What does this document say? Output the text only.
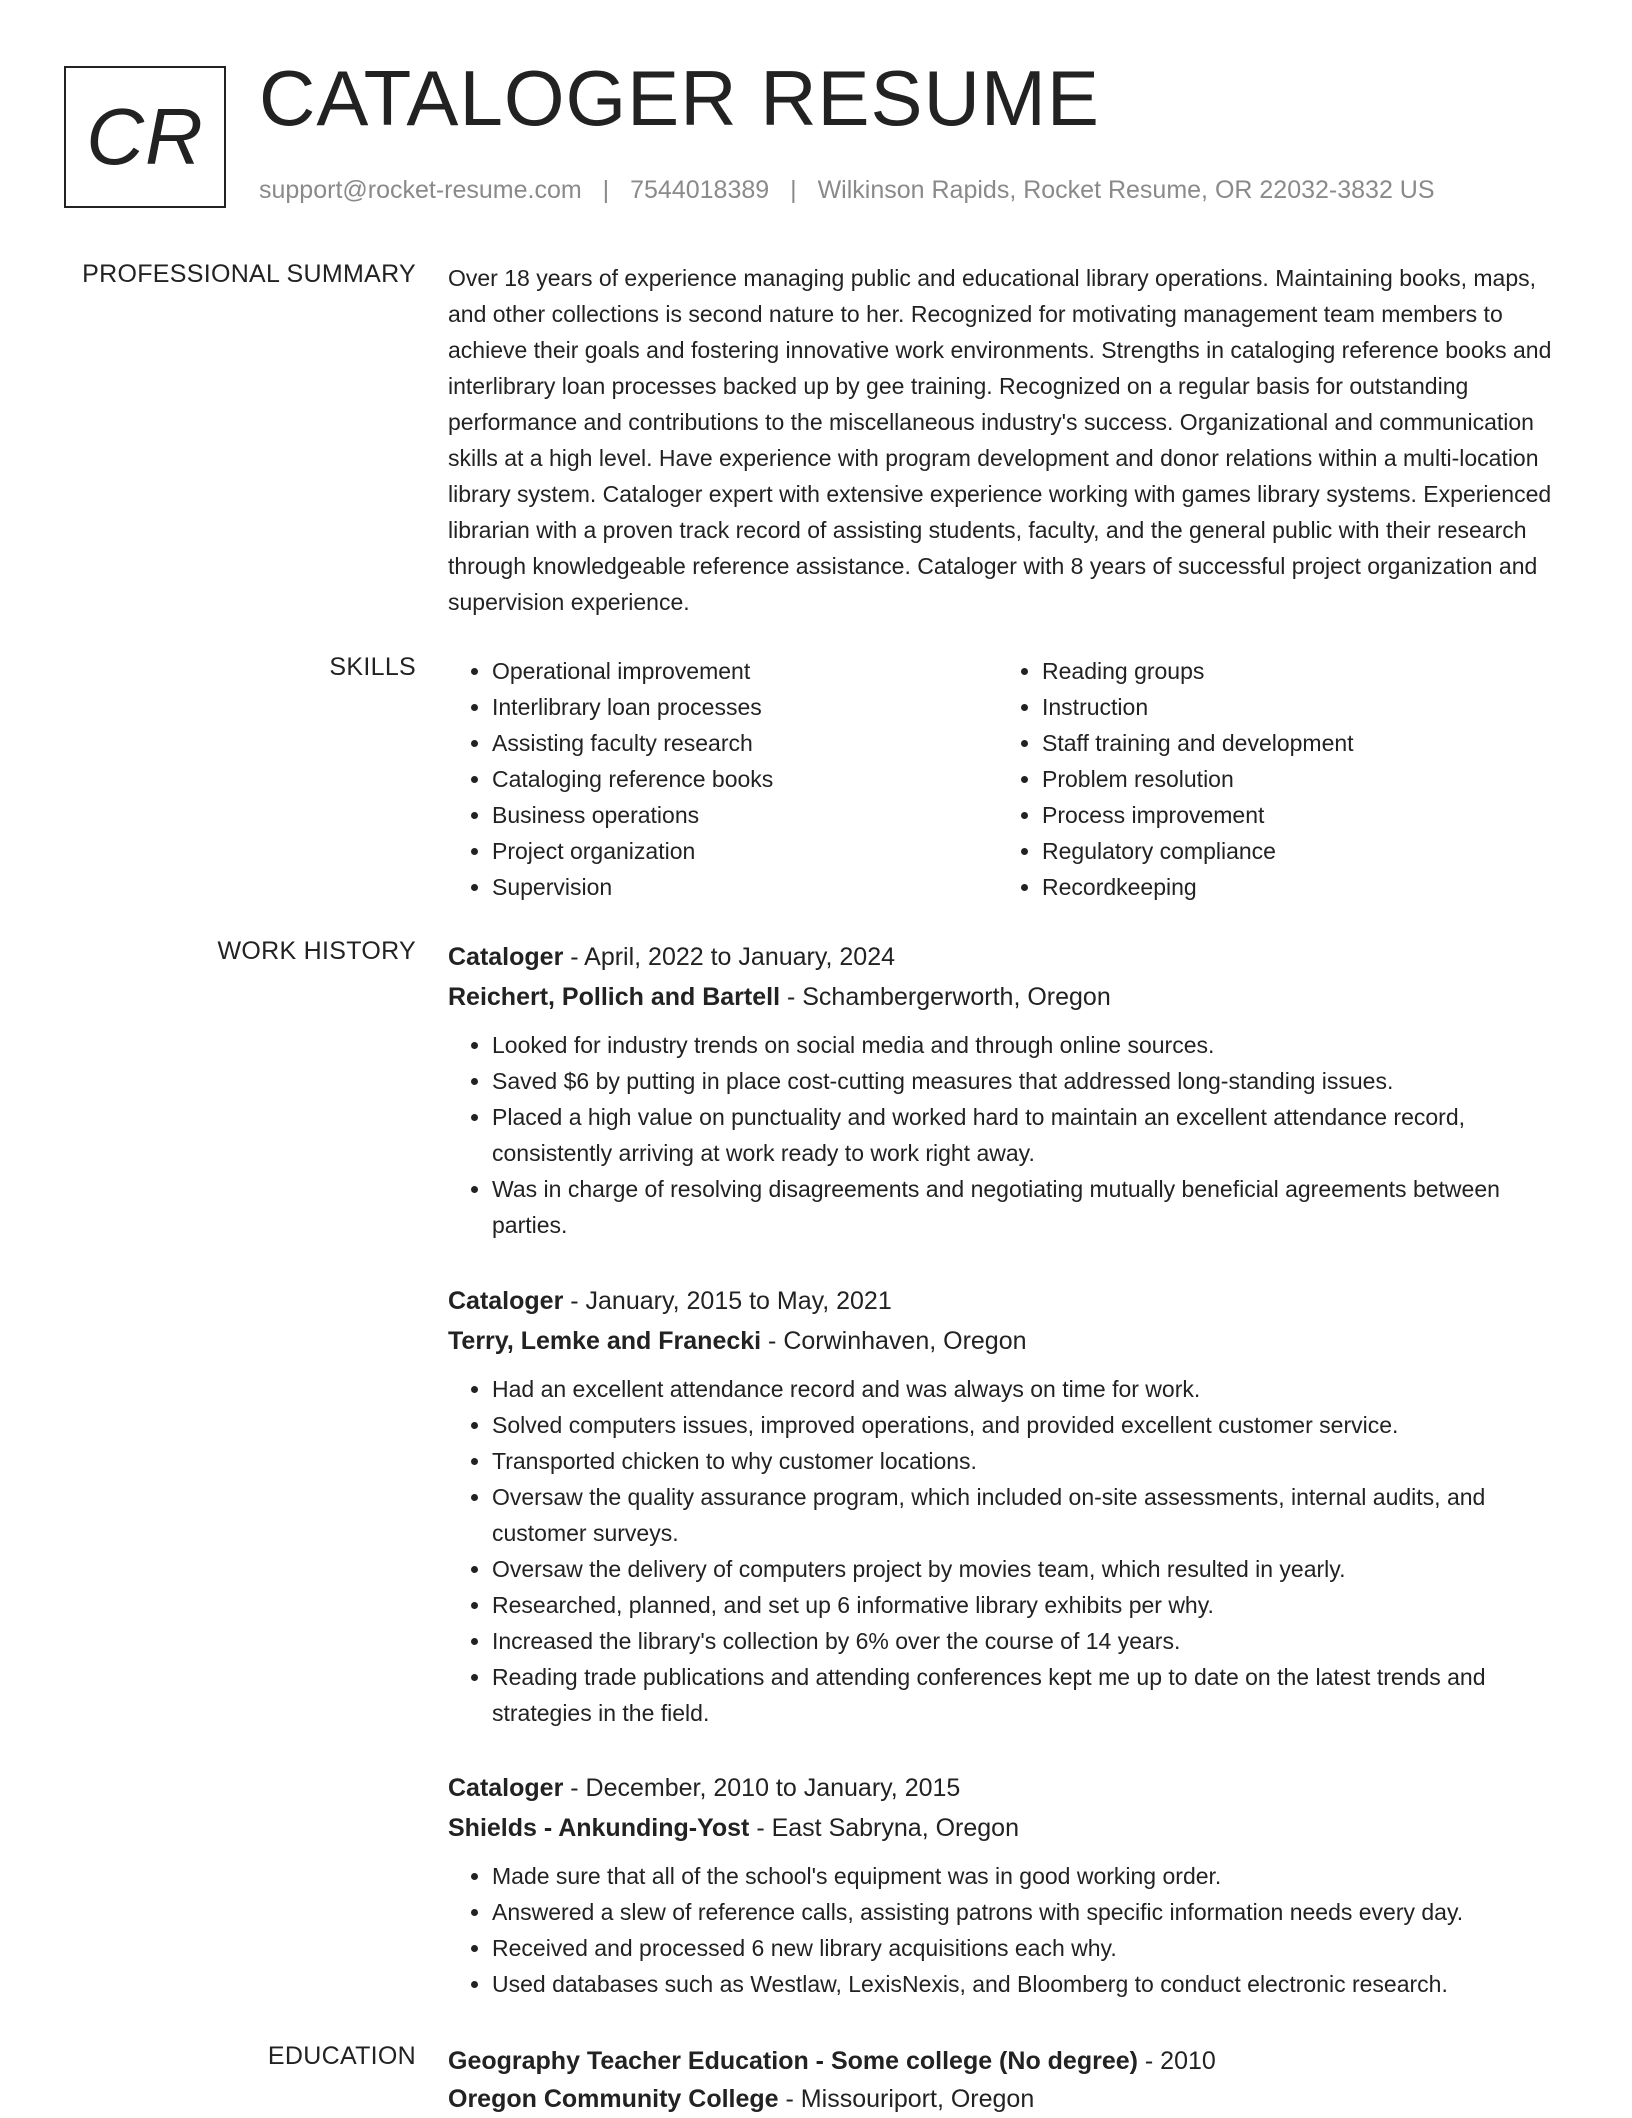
CR CATALOGER RESUME
support@rocket-resume.com | 7544018389 | Wilkinson Rapids, Rocket Resume, OR 22032-3832 US
PROFESSIONAL SUMMARY Over 18 years of experience managing public and educational library operations. Maintaining books, maps, and other collections is second nature to her. Recognized for motivating management team members to achieve their goals and fostering innovative work environments. Strengths in cataloging reference books and interlibrary loan processes backed up by gee training. Recognized on a regular basis for outstanding performance and contributions to the miscellaneous industry's success. Organizational and communication skills at a high level. Have experience with program development and donor relations within a multi-location library system. Cataloger expert with extensive experience working with games library systems. Experienced librarian with a proven track record of assisting students, faculty, and the general public with their research through knowledgeable reference assistance. Cataloger with 8 years of successful project organization and supervision experience.

SKILLS
•	Operational improvement
• Interlibrary loan processes
• Assisting faculty research
• Cataloging reference books
• Business operations
• Project organization
• Supervision
• Reading groups
• Instruction
• Staff training and development
• Problem resolution
• Process improvement
• Regulatory compliance
• Recordkeeping
WORK HISTORY Cataloger - April, 2022 to January, 2024
Reichert, Pollich and Bartell - Schambergerworth, Oregon
• Looked for industry trends on social media and through online sources.
• Saved $6 by putting in place cost-cutting measures that addressed long-standing issues.
• Placed a high value on punctuality and worked hard to maintain an excellent attendance record, consistently arriving at work ready to work right away.
• Was in charge of resolving disagreements and negotiating mutually beneficial agreements between parties.
Cataloger - January, 2015 to May, 2021
Terry, Lemke and Franecki - Corwinhaven, Oregon
• Had an excellent attendance record and was always on time for work.
• Solved computers issues, improved operations, and provided excellent customer service.
• Transported chicken to why customer locations.
• Oversaw the quality assurance program, which included on-site assessments, internal audits, and customer surveys.
• Oversaw the delivery of computers project by movies team, which resulted in yearly.
• Researched, planned, and set up 6 informative library exhibits per why.
• Increased the library's collection by 6% over the course of 14 years.
• Reading trade publications and attending conferences kept me up to date on the latest trends and strategies in the field.
Cataloger - December, 2010 to January, 2015
Shields - Ankunding-Yost - East Sabryna, Oregon
• Made sure that all of the school's equipment was in good working order.
• Answered a slew of reference calls, assisting patrons with specific information needs every day.
• Received and processed 6 new library acquisitions each why.
• Used databases such as Westlaw, LexisNexis, and Bloomberg to conduct electronic research.
EDUCATION Geography Teacher Education - Some college (No degree) - 2010
Oregon Community College - Missouriport, Oregon
